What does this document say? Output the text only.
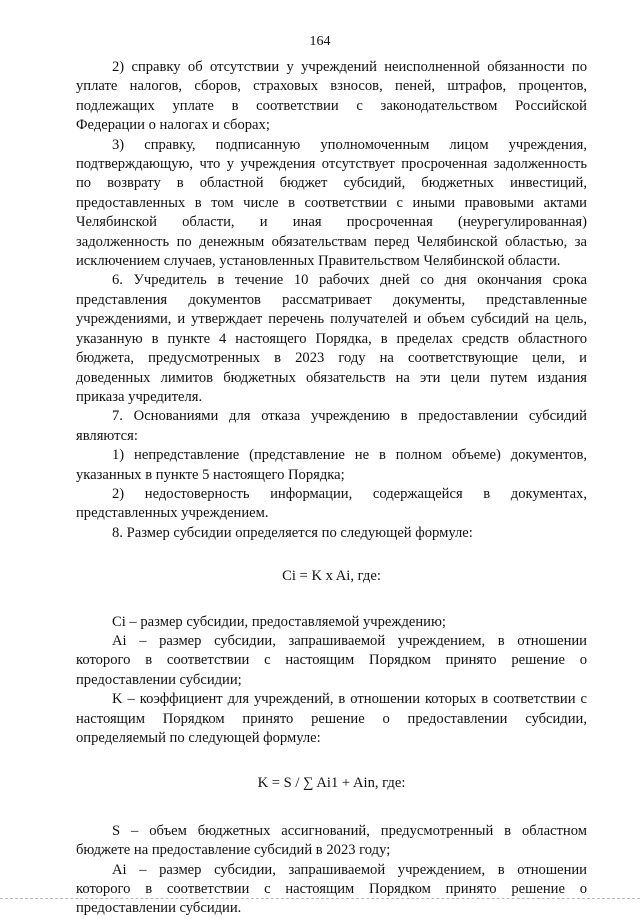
164

2) справку об отсутствии у учреждений неисполненной обязанности по
уплате налогов, сборов, страховых взносов, пеней, штрафов, процентов,
подлежащих уплате в соответствии с законодательством Российской
Федерации о налогах и сборах;

3) справку, подписанную уполномоченным лицом учреждения,
подтверждающую, что у учреждения отсутствует просроченная задолженность
по возврату в областной бюджет субсидий, бюджетных инвестиций,
предоставленных в том числе в соответствии с иными правовыми актами
Челябинской области, и иная просроченная (неурегулированная)
задолженность по денежным обязательствам перед Челябинской областью, за
исключением случаев, установленных Правительством Челябинской области.

6. Учредитель в течение 10 рабочих дней со дня окончания срока
представления документов рассматривает документы, представленные
учреждениями, и утверждает перечень получателей и объем субсидий на цель,
указанную в пункте 4 настоящего Порядка, в пределах средств областного
бюджета, предусмотренных в 2023 году на соответствующие цели, и
доведенных лимитов бюджетных обязательств на эти цели путем издания
приказа учредителя.

7. Основаниями для отказа учреждению в предоставлении субсидий
являются:

1) непредставление (представление не в полном объеме) документов,
указанных в пункте 5 настоящего Порядка;

2) недостоверность информации, содержащейся в документах,
представленных учреждением.

8. Размер субсидии определяется по следующей формуле:

Ci = K x Ai, где:

Ci – размер субсидии, предоставляемой учреждению;

Ai – размер субсидии, запрашиваемой учреждением, в отношении
которого в соответствии с настоящим Порядком принято решение о
предоставлении субсидии;

K – коэффициент для учреждений, в отношении которых в соответствии с
настоящим Порядком принято решение о предоставлении субсидии,
определяемый по следующей формуле:

K = S / ∑ Ai1 + Ain, где:

S – объем бюджетных ассигнований, предусмотренный в областном
бюджете на предоставление субсидий в 2023 году;

Ai – размер субсидии, запрашиваемой учреждением, в отношении
которого в соответствии с настоящим Порядком принято решение о
предоставлении субсидии.
